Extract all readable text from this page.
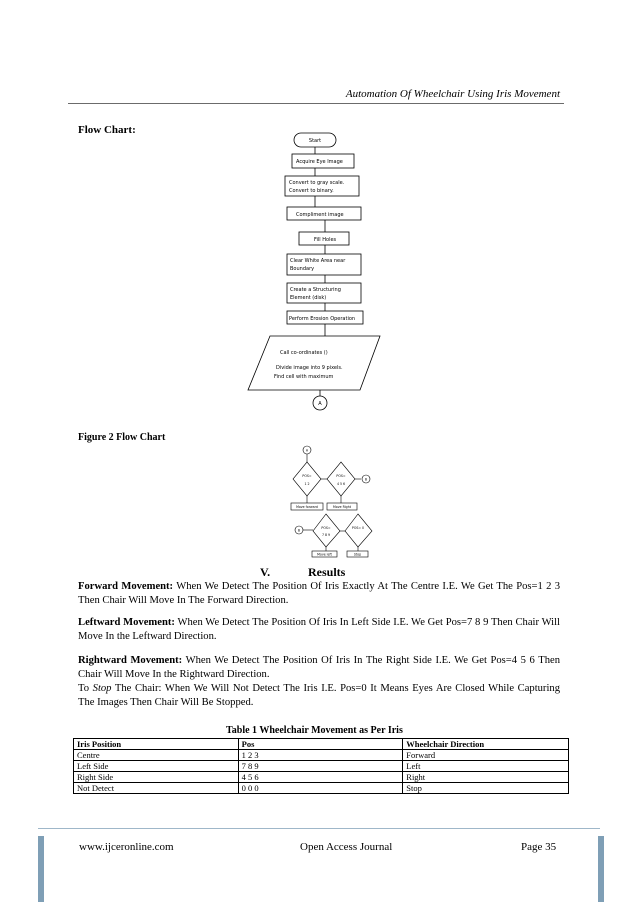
Automation Of Wheelchair Using Iris Movement
Flow Chart:
Start
Acquire Eye Image
Convert to gray scale.
Convert to binary.
Compliment image
Fill Holes
Clear White Area near
Boundary
Create a Structuring
Element (disk)
Perform Erosion Operation
Call co-ordinates ()
Divide image into 9 pixels.
Find cell with maximum
A
Figure 2 Flow Chart
A
POS=
1 2
POS=
4 5 6
B
Move forward	Move Right
B
POS=
7 8 9
POS= 0
Move left	Stop
V.	Results
Forward Movement: When We Detect The Position Of Iris Exactly At The Centre I.E. We Get The Pos=1 2 3 Then Chair Will Move In The Forward Direction.
Leftward Movement: When We Detect The Position Of Iris In Left Side I.E. We Get Pos=7 8 9 Then Chair Will Move In the Leftward Direction.
Rightward Movement: When We Detect The Position Of Iris In The Right Side I.E. We Get Pos=4 5 6 Then Chair Will Move In the Rightward Direction.
To Stop The Chair: When We Will Not Detect The Iris I.E. Pos=0 It Means Eyes Are Closed While Capturing The Images Then Chair Will Be Stopped.
Table 1 Wheelchair Movement as Per Iris
Iris Position	Pos	Wheelchair Direction
Centre	1 2 3	Forward
Left Side	7 8 9	Left
Right Side	4 5 6	Right
Not Detect	0 0 0	Stop
www.ijceronline.com	Open Access Journal	Page 35
